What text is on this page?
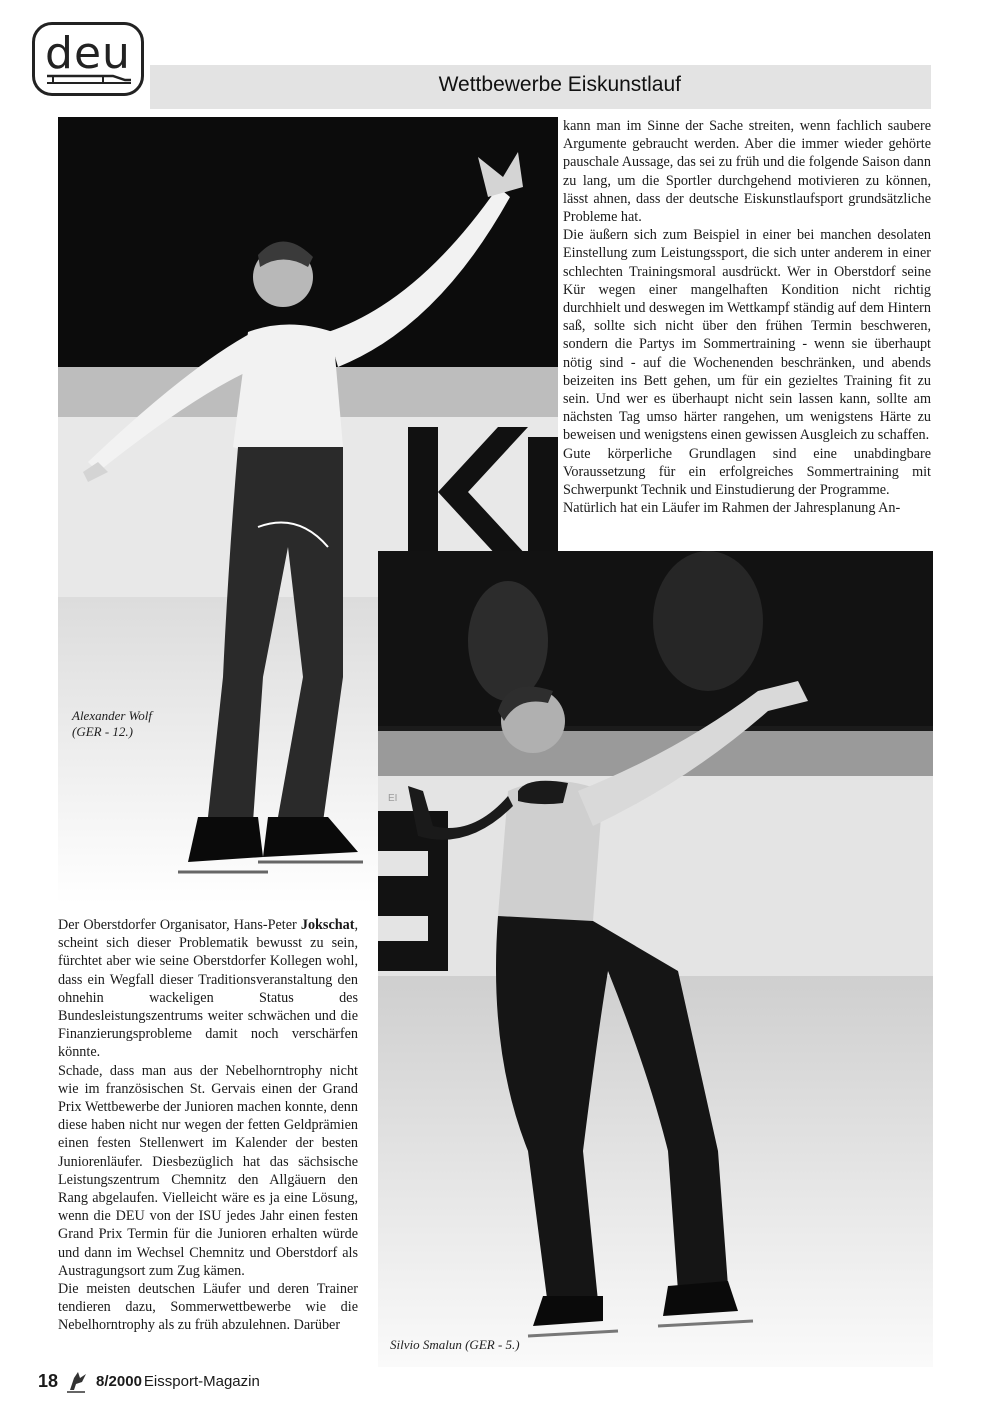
deu
Wettbewerbe Eiskunstlauf
K
EI
Alexander Wolf
(GER - 12.)
Silvio Smalun (GER - 5.)

kann man im Sinne der Sache streiten, wenn fachlich saubere Argumente gebraucht werden. Aber die immer wieder gehörte pauschale Aussage, das sei zu früh und die folgende Saison dann zu lang, um die Sportler durchgehend motivieren zu können, lässt ahnen, dass der deutsche Eiskunstlaufsport grundsätzliche Probleme hat.

Die äußern sich zum Beispiel in einer bei manchen desolaten Einstellung zum Leistungssport, die sich unter anderem in einer schlechten Trainingsmoral ausdrückt. Wer in Oberstdorf seine Kür wegen einer mangelhaften Kondition nicht richtig durchhielt und deswegen im Wettkampf ständig auf dem Hintern saß, sollte sich nicht über den frühen Termin beschweren, sondern die Partys im Sommertraining - wenn sie überhaupt nötig sind - auf die Wochenenden beschränken, und abends beizeiten ins Bett gehen, um für ein gezieltes Training fit zu sein. Und wer es überhaupt nicht sein lassen kann, sollte am nächsten Tag umso härter rangehen, um wenigstens Härte zu beweisen und wenigstens einen gewissen Ausgleich zu schaffen.

Gute körperliche Grundlagen sind eine unabdingbare Voraussetzung für ein erfolgreiches Sommertraining mit Schwerpunkt Technik und Einstudierung der Programme.

Natürlich hat ein Läufer im Rahmen der Jahresplanung An-

Der Oberstdorfer Organisator, Hans-Peter Jokschat, scheint sich dieser Problematik bewusst zu sein, fürchtet aber wie seine Oberstdorfer Kollegen wohl, dass ein Wegfall dieser Traditionsveranstaltung den ohnehin wackeligen Status des Bundesleistungszentrums weiter schwächen und die Finanzierungsprobleme damit noch verschärfen könnte.

Schade, dass man aus der Nebelhorntrophy nicht wie im französischen St. Gervais einen der Grand Prix Wettbewerbe der Junioren machen konnte, denn diese haben nicht nur wegen der fetten Geldprämien einen festen Stellenwert im Kalender der besten Juniorenläufer. Diesbezüglich hat das sächsische Leistungszentrum Chemnitz den Allgäuern den Rang abgelaufen. Vielleicht wäre es ja eine Lösung, wenn die DEU von der ISU jedes Jahr einen festen Grand Prix Termin für die Junioren erhalten würde und dann im Wechsel Chemnitz und Oberstdorf als Austragungsort zum Zug kämen.

Die meisten deutschen Läufer und deren Trainer tendieren dazu, Sommerwettbewerbe wie die Nebelhorntrophy als zu früh abzulehnen. Darüber

18	8/2000 Eissport-Magazin
